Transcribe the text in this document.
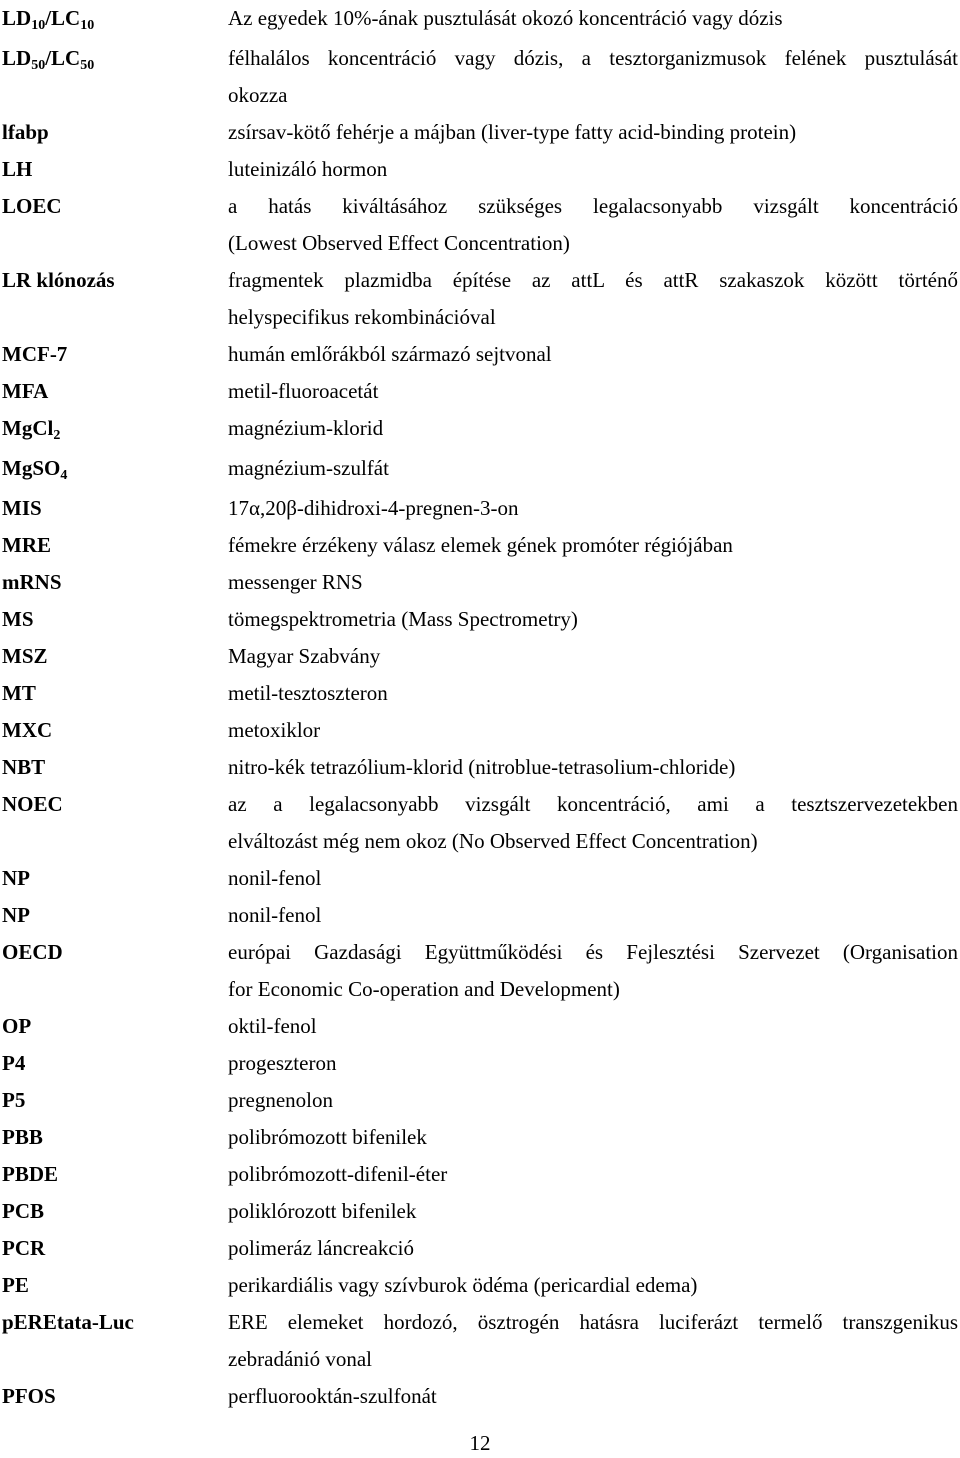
$LD_{10}/LC_{10}$	Az egyedek 10%-ának pusztulását okozó koncentráció vagy dózis
$LD_{50}/LC_{50}$	félhalálos koncentráció vagy dózis, a tesztorganizmusok felének pusztulását
okozza
lfabp	zsírsav-kötő fehérje a májban (liver-type fatty acid-binding protein)
LH	luteinizáló hormon
LOEC	a hatás kiváltásához szükséges legalacsonyabb vizsgált koncentráció
(Lowest Observed Effect Concentration)
LR klónozás	fragmentek plazmidba építése az attL és attR szakaszok között történő
helyspecifikus rekombinációval
MCF-7	humán emlőrákból származó sejtvonal
MFA	metil-fluoroacetát
MgCl$_2$	magnézium-klorid
MgSO$_4$	magnézium-szulfát
MIS	17α,20β-dihidroxi-4-pregnen-3-on
MRE	fémekre érzékeny válasz elemek gének promóter régiójában
mRNS	messenger RNS
MS	tömegspektrometria (Mass Spectrometry)
MSZ	Magyar Szabvány
MT	metil-tesztoszteron
MXC	metoxiklor
NBT	nitro-kék tetrazólium-klorid (nitroblue-tetrasolium-chloride)
NOEC	az a legalacsonyabb vizsgált koncentráció, ami a tesztszervezetekben
elváltozást még nem okoz (No Observed Effect Concentration)
NP	nonil-fenol
NP	nonil-fenol
OECD	európai Gazdasági Együttműködési és Fejlesztési Szervezet (Organisation
for Economic Co-operation and Development)
OP	oktil-fenol
P4	progeszteron
P5	pregnenolon
PBB	polibrómozott bifenilek
PBDE	polibrómozott-difenil-éter
PCB	poliklórozott bifenilek
PCR	polimeráz láncreakció
PE	perikardiális vagy szívburok ödéma (pericardial edema)
pEREtata-Luc	ERE elemeket hordozó, ösztrogén hatásra luciferázt termelő transzgenikus
zebradánió vonal
PFOS	perfluorooktán-szulfonát
12
